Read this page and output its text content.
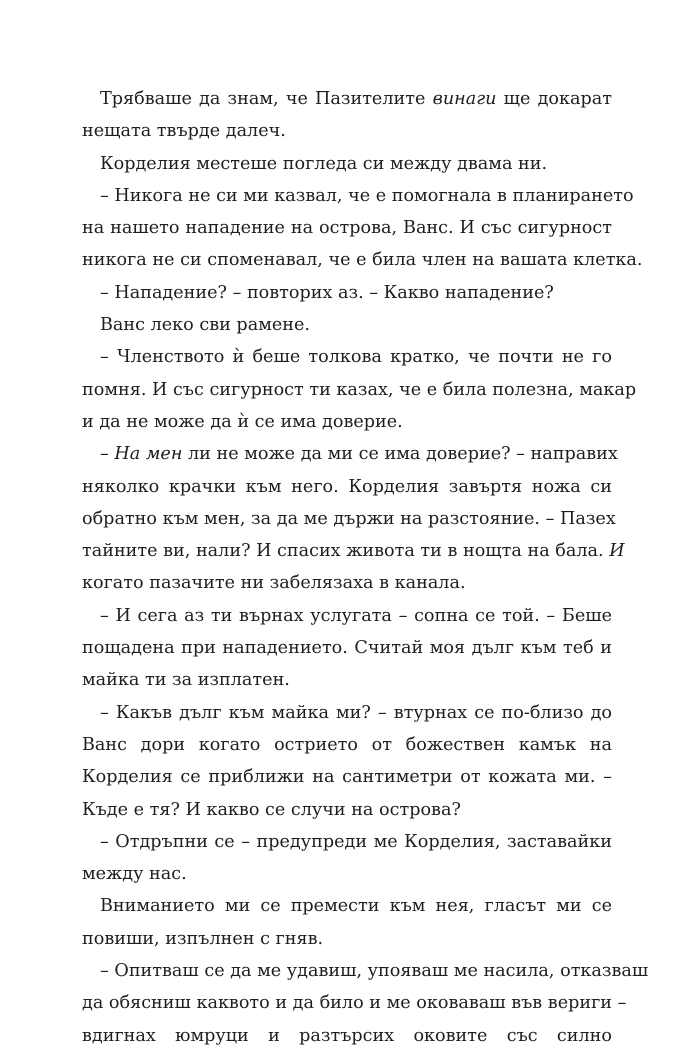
Трябваше да знам, че Пазителите винаги ще докарат
нещата твърде далеч.
Корделия местеше погледа си между двама ни.
– Никога не си ми казвал, че е помогнала в планирането
на нашето нападение на острова, Ванс. И със сигурност
никога не си споменавал, че е била член на вашата клетка.
– Нападение? – повторих аз. – Какво нападение?
Ванс леко сви рамене.
– Членството ѝ беше толкова кратко, че почти не го
помня. И със сигурност ти казах, че е била полезна, макар
и да не може да ѝ се има доверие.
– На мен ли не може да ми се има доверие? – направих
няколко крачки към него. Корделия завъртя ножа си
обратно към мен, за да ме държи на разстояние. – Пазех
тайните ви, нали? И спасих живота ти в нощта на бала. И
когато пазачите ни забелязаха в канала.
– И сега аз ти върнах услугата – сопна се той. – Беше
пощадена при нападението. Считай моя дълг към теб и
майка ти за изплатен.
– Какъв дълг към майка ми? – втурнах се по-близо до
Ванс дори когато острието от божествен камък на
Корделия се приближи на сантиметри от кожата ми. –
Къде е тя? И какво се случи на острова?
– Отдръпни се – предупреди ме Корделия, заставайки
между нас.
Вниманието ми се премести към нея, гласът ми се
повиши, изпълнен с гняв.
– Опитваш се да ме удавиш, упояваш ме насила, отказваш
да обясниш каквото и да било и ме оковаваш във вериги –
вдигнах юмруци и разтърсих оковите със силно
